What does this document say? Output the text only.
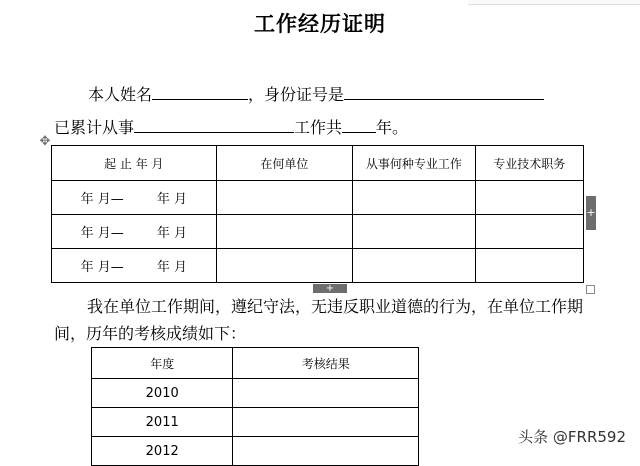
工作经历证明
本人姓名	，身份证号是
已累计从事	工作共 年。
✥
起 止 年 月	在何单位	从事何种专业工作	专业技术职务
年 月—        年 月			
年 月—        年 月			
年 月—        年 月			
+
+
我在单位工作期间，遵纪守法，无违反职业道德的行为，在单位工作期间，历年的考核成绩如下：
年度	考核结果
2010	
2011	
2012	
头条 @FRR592
